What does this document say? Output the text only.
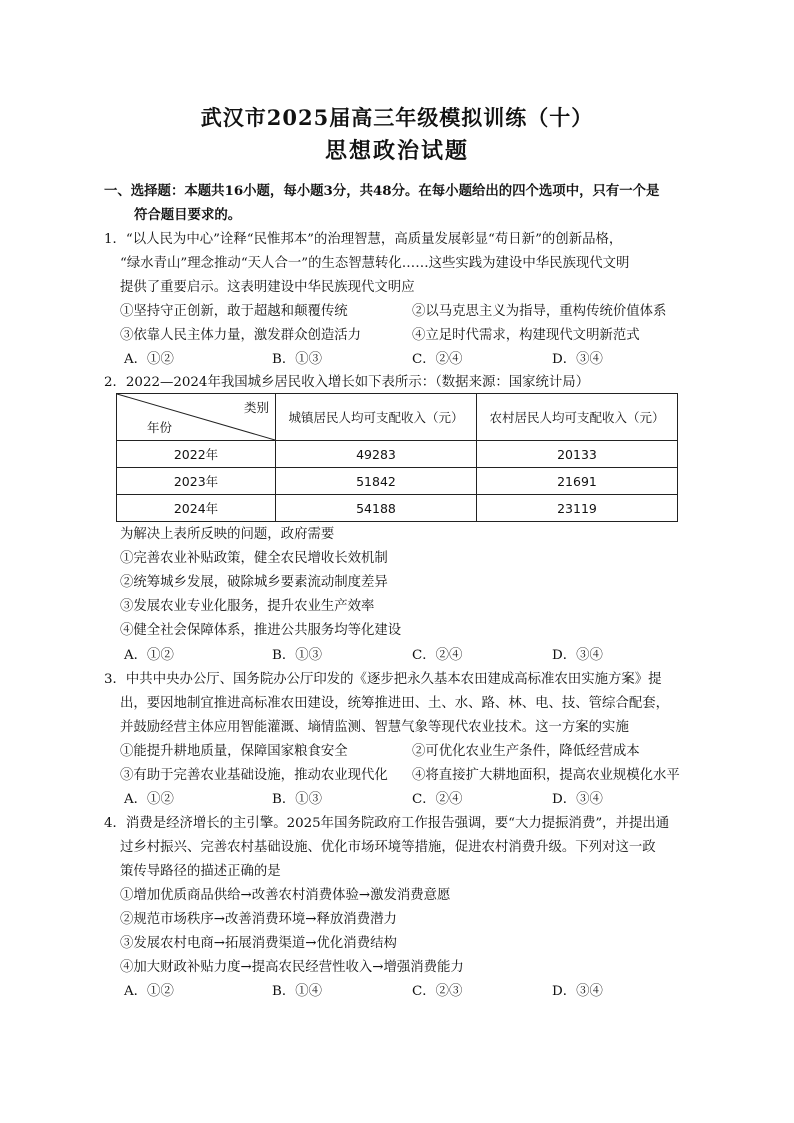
武汉市2025届高三年级模拟训练（十）
思想政治试题
一、选择题：本题共16小题，每小题3分，共48分。在每小题给出的四个选项中，只有一个是
符合题目要求的。
1．“以人民为中心”诠释“民惟邦本”的治理智慧，高质量发展彰显“苟日新”的创新品格，
“绿水青山”理念推动“天人合一”的生态智慧转化……这些实践为建设中华民族现代文明
提供了重要启示。这表明建设中华民族现代文明应
①坚持守正创新，敢于超越和颠覆传统	②以马克思主义为指导，重构传统价值体系
③依靠人民主体力量，激发群众创造活力	④立足时代需求，构建现代文明新范式
A．①②	B．①③	C．②④	D．③④
2．2022—2024年我国城乡居民收入增长如下表所示：（数据来源：国家统计局）
类别
年份	城镇居民人均可支配收入（元）	农村居民人均可支配收入（元）
2022年	49283	20133
2023年	51842	21691
2024年	54188	23119
为解决上表所反映的问题，政府需要
①完善农业补贴政策，健全农民增收长效机制
②统筹城乡发展，破除城乡要素流动制度差异
③发展农业专业化服务，提升农业生产效率
④健全社会保障体系，推进公共服务均等化建设
A．①②	B．①③	C．②④	D．③④
3．中共中央办公厅、国务院办公厅印发的《逐步把永久基本农田建成高标准农田实施方案》提
出，要因地制宜推进高标准农田建设，统筹推进田、土、水、路、林、电、技、管综合配套，
并鼓励经营主体应用智能灌溉、墒情监测、智慧气象等现代农业技术。这一方案的实施
①能提升耕地质量，保障国家粮食安全	②可优化农业生产条件，降低经营成本
③有助于完善农业基础设施，推动农业现代化 ④将直接扩大耕地面积，提高农业规模化水平
A．①②	B．①③	C．②④	D．③④
4．消费是经济增长的主引擎。2025年国务院政府工作报告强调，要“大力提振消费”，并提出通
过乡村振兴、完善农村基础设施、优化市场环境等措施，促进农村消费升级。下列对这一政
策传导路径的描述正确的是
①增加优质商品供给→改善农村消费体验→激发消费意愿
②规范市场秩序→改善消费环境→释放消费潜力
③发展农村电商→拓展消费渠道→优化消费结构
④加大财政补贴力度→提高农民经营性收入→增强消费能力
A．①②	B．①④	C．②③	D．③④
